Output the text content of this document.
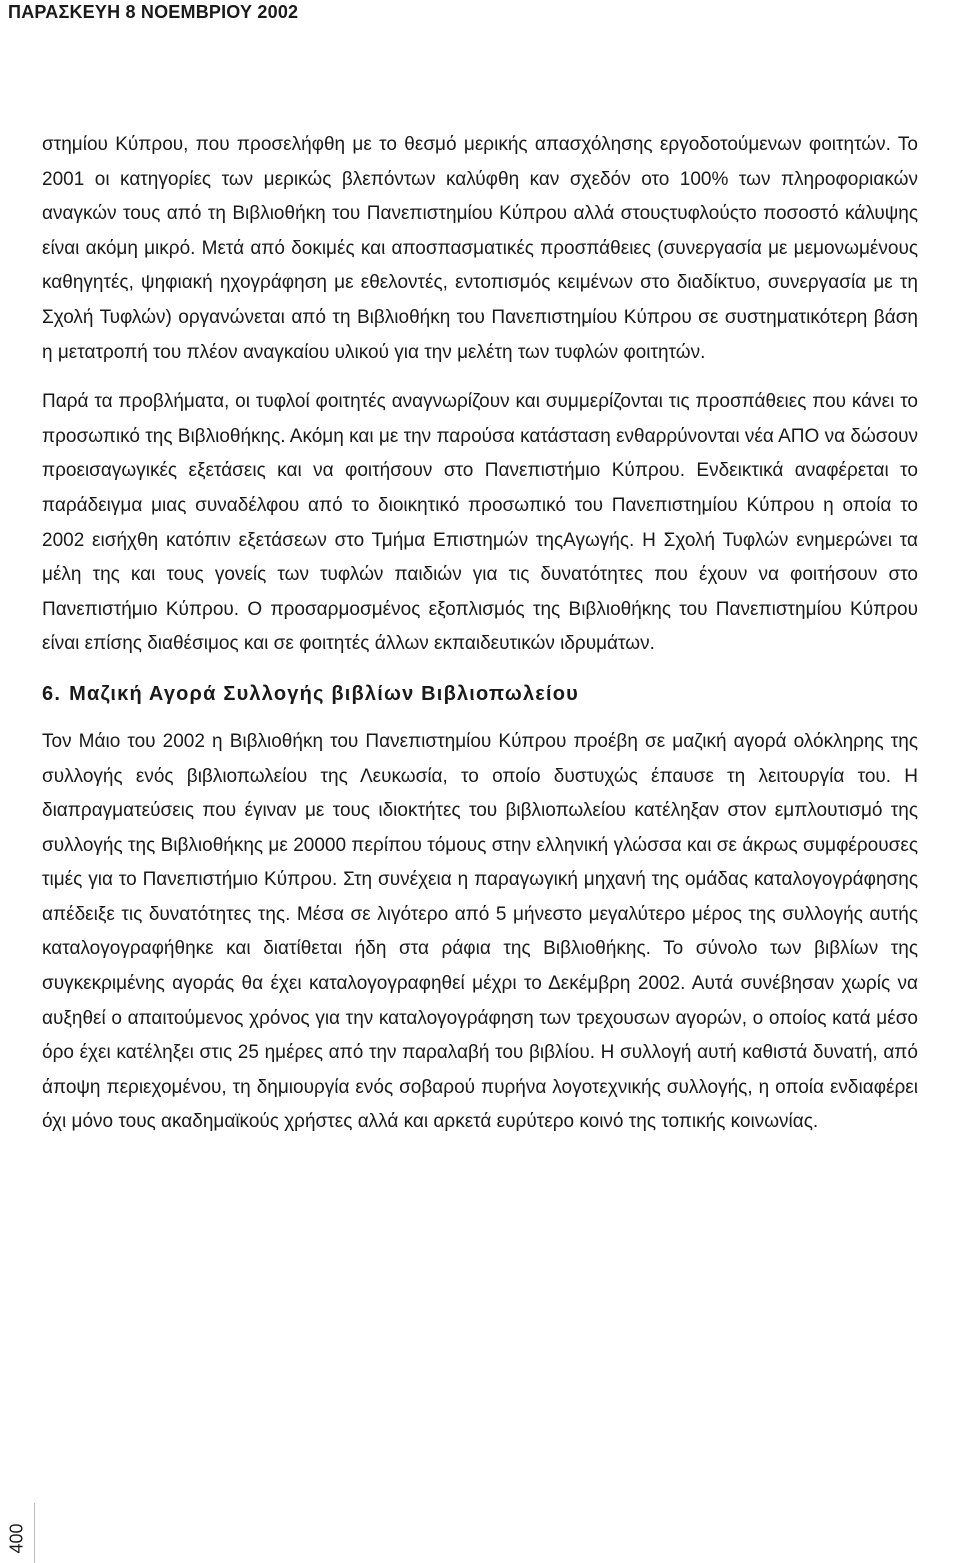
ΠΑΡΑΣΚΕΥΗ 8 ΝΟΕΜΒΡΙΟΥ 2002

στημίου Κύπρου, που προσελήφθη με το θεσμό μερικής απασχόλησης εργοδοτούμενων φοιτητών. Το 2001 οι κατηγορίες των μερικώς βλεπόντων καλύφθη καν σχεδόν οτο 100% των πληροφοριακών αναγκών τους από τη Βιβλιοθήκη του Πανεπιστημίου Κύπρου αλλά στουςτυφλούςτο ποσοστό κάλυψης είναι ακόμη μικρό. Μετά από δοκιμές και αποσπασματικές προσπάθειες (συνεργασία με μεμονωμένους καθηγητές, ψηφιακή ηχογράφηση με εθελοντές, εντοπισμός κειμένων στο διαδίκτυο, συνεργασία με τη Σχολή Τυφλών) οργανώνεται από τη Βιβλιοθήκη του Πανεπιστημίου Κύπρου σε συστηματικότερη βάση η μετατροπή του πλέον αναγκαίου υλικού για την μελέτη των τυφλών φοιτητών.

Παρά τα προβλήματα, οι τυφλοί φοιτητές αναγνωρίζουν και συμμερίζονται τις προσπάθειες που κάνει το προσωπικό της Βιβλιοθήκης. Ακόμη και με την παρούσα κατάσταση ενθαρρύνονται νέα ΑΠΟ να δώσουν προεισαγωγικές εξετάσεις και να φοιτήσουν στο Πανεπιστήμιο Κύπρου. Ενδεικτικά αναφέρεται το παράδειγμα μιας συναδέλφου από το διοικητικό προσωπικό του Πανεπιστημίου Κύπρου η οποία το 2002 εισήχθη κατόπιν εξετάσεων στο Τμήμα Επιστημών τηςΑγωγής. Η Σχολή Τυφλών ενημερώνει τα μέλη της και τους γονείς των τυφλών παιδιών για τις δυνατότητες που έχουν να φοιτήσουν στο Πανεπιστήμιο Κύπρου. Ο προσαρμοσμένος εξοπλισμός της Βιβλιοθήκης του Πανεπιστημίου Κύπρου είναι επίσης διαθέσιμος και σε φοιτητές άλλων εκπαιδευτικών ιδρυμάτων.

6. Μαζική Αγορά Συλλογής βιβλίων Βιβλιοπωλείου

Τον Μάιο του 2002 η Βιβλιοθήκη του Πανεπιστημίου Κύπρου προέβη σε μαζική αγορά ολόκληρης της συλλογής ενός βιβλιοπωλείου της Λευκωσία, το οποίο δυστυχώς έπαυσε τη λειτουργία του. Η διαπραγματεύσεις που έγιναν με τους ιδιοκτήτες του βιβλιοπωλείου κατέληξαν στον εμπλουτισμό της συλλογής της Βιβλιοθήκης με 20000 περίπου τόμους στην ελληνική γλώσσα και σε άκρως συμφέρουσες τιμές για το Πανεπιστήμιο Κύπρου. Στη συνέχεια η παραγωγική μηχανή της ομάδας καταλογογράφησης απέδειξε τις δυνατότητες της. Μέσα σε λιγότερο από 5 μήνεστο μεγαλύτερο μέρος της συλλογής αυτής καταλογογραφήθηκε και διατίθεται ήδη στα ράφια της Βιβλιοθήκης. Το σύνολο των βιβλίων της συγκεκριμένης αγοράς θα έχει καταλογογραφηθεί μέχρι το Δεκέμβρη 2002. Αυτά συνέβησαν χωρίς να αυξηθεί ο απαιτούμενος χρόνος για την καταλογογράφηση των τρεχουσων αγορών, ο οποίος κατά μέσο όρο έχει κατέληξει στις 25 ημέρες από την παραλαβή του βιβλίου. Η συλλογή αυτή καθιστά δυνατή, από άποψη περιεχομένου, τη δημιουργία ενός σοβαρού πυρήνα λογοτεχνικής συλλογής, η οποία ενδιαφέρει όχι μόνο τους ακαδημαϊκούς χρήστες αλλά και αρκετά ευρύτερο κοινό της τοπικής κοινωνίας.

400
